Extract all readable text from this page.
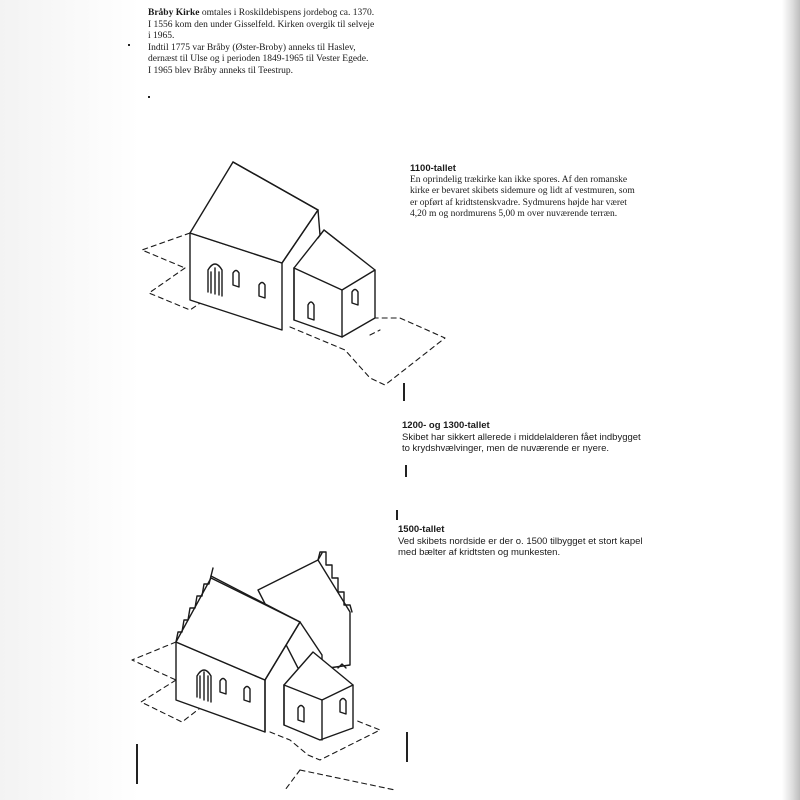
Bråby Kirke omtales i Roskildebispens jordebog ca. 1370.

I 1556 kom den under Gisselfeld. Kirken overgik til selveje

i 1965.

Indtil 1775 var Bråby (Øster-Broby) anneks til Haslev,

dernæst til Ulse og i perioden 1849-1965 til Vester Egede.

I 1965 blev Bråby anneks til Teestrup.

1100-tallet

En oprindelig trækirke kan ikke spores. Af den romanske

kirke er bevaret skibets sidemure og lidt af vestmuren, som

er opført af kridtstenskvadre. Sydmurens højde har været

4,20 m og nordmurens 5,00 m over nuværende terræn.

1200- og 1300-tallet

Skibet har sikkert allerede i middelalderen fået indbygget

to krydshvælvinger, men de nuværende er nyere.

1500-tallet

Ved skibets nordside er der o. 1500 tilbygget et stort kapel

med bælter af kridtsten og munkesten.
